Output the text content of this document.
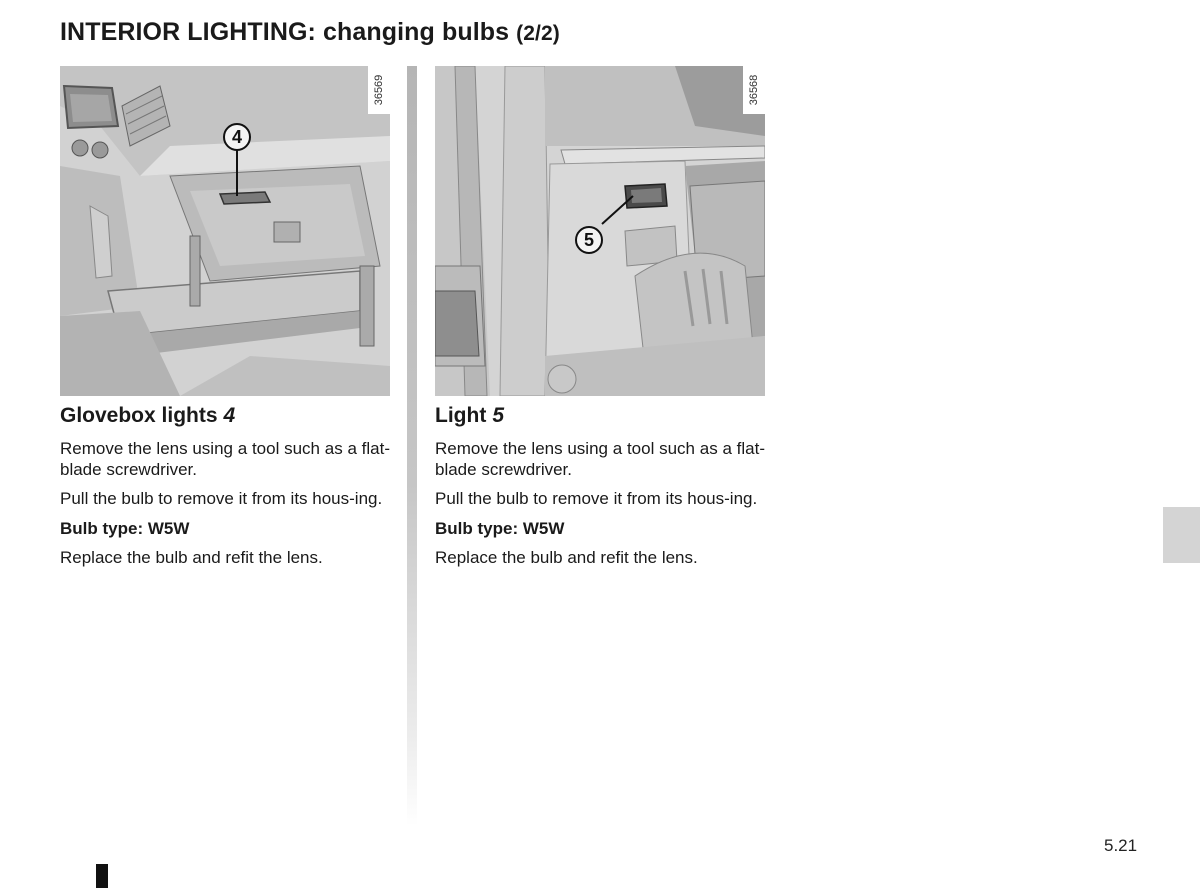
INTERIOR LIGHTING: changing bulbs (2/2)
36569
4
Glovebox lights 4

Remove the lens using a tool such as a flat-blade screwdriver.

Pull the bulb to remove it from its hous-ing.

Bulb type: W5W

Replace the bulb and refit the lens.

36568
5
Light 5

Remove the lens using a tool such as a flat-blade screwdriver.

Pull the bulb to remove it from its hous-ing.

Bulb type: W5W

Replace the bulb and refit the lens.

5.21
